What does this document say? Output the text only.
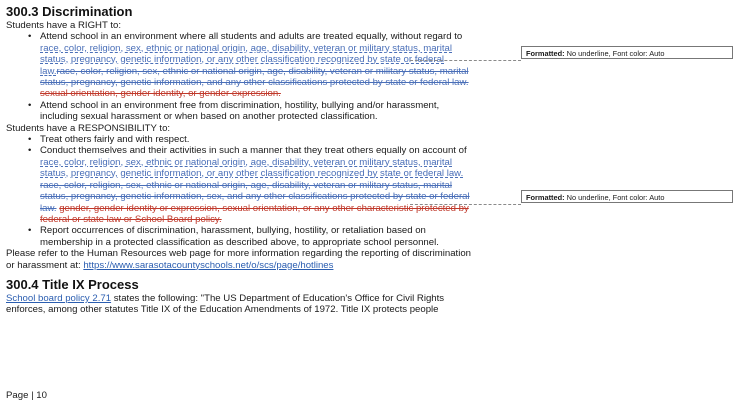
300.3 Discrimination

Students have a RIGHT to:

• Attend school in an environment where all students and adults are treated equally, without regard to race, color, religion, sex, ethnic or national origin, age, disability, veteran or military status, marital status, pregnancy, genetic information, or any other classification recognized by state or federal law.race, color, religion, sex, ethnic or national origin, age, disability, veteran or military status, marital status, pregnancy, genetic information, and any other classifications protected by state or federal law. sexual orientation, gender identity, or gender expression.
• Attend school in an environment free from discrimination, hostility, bullying and/or harassment, including sexual harassment or when based on another protected classification.

Students have a RESPONSIBILITY to:

• Treat others fairly and with respect.
• Conduct themselves and their activities in such a manner that they treat others equally on account of race, color, religion, sex, ethnic or national origin, age, disability, veteran or military status, marital status, pregnancy, genetic information, or any other classification recognized by state or federal law. race, color, religion, sex, ethnic or national origin, age, disability, veteran or military status, marital status, pregnancy, genetic information, sex, and any other classifications protected by state or federal law. gender, gender identity or expression, sexual orientation, or any other characteristic protected by federal or state law or School Board policy.
• Report occurrences of discrimination, harassment, bullying, hostility, or retaliation based on membership in a protected classification as described above, to appropriate school personnel.

Please refer to the Human Resources web page for more information regarding the reporting of discrimination or harassment at: https://www.sarasotacountyschools.net/o/scs/page/hotlines

300.4 Title IX Process

School board policy 2.71 states the following: "The US Department of Education's Office for Civil Rights enforces, among other statutes Title IX of the Education Amendments of 1972. Title IX protects people

Page | 10
Formatted: No underline, Font color: Auto
Formatted: No underline, Font color: Auto
